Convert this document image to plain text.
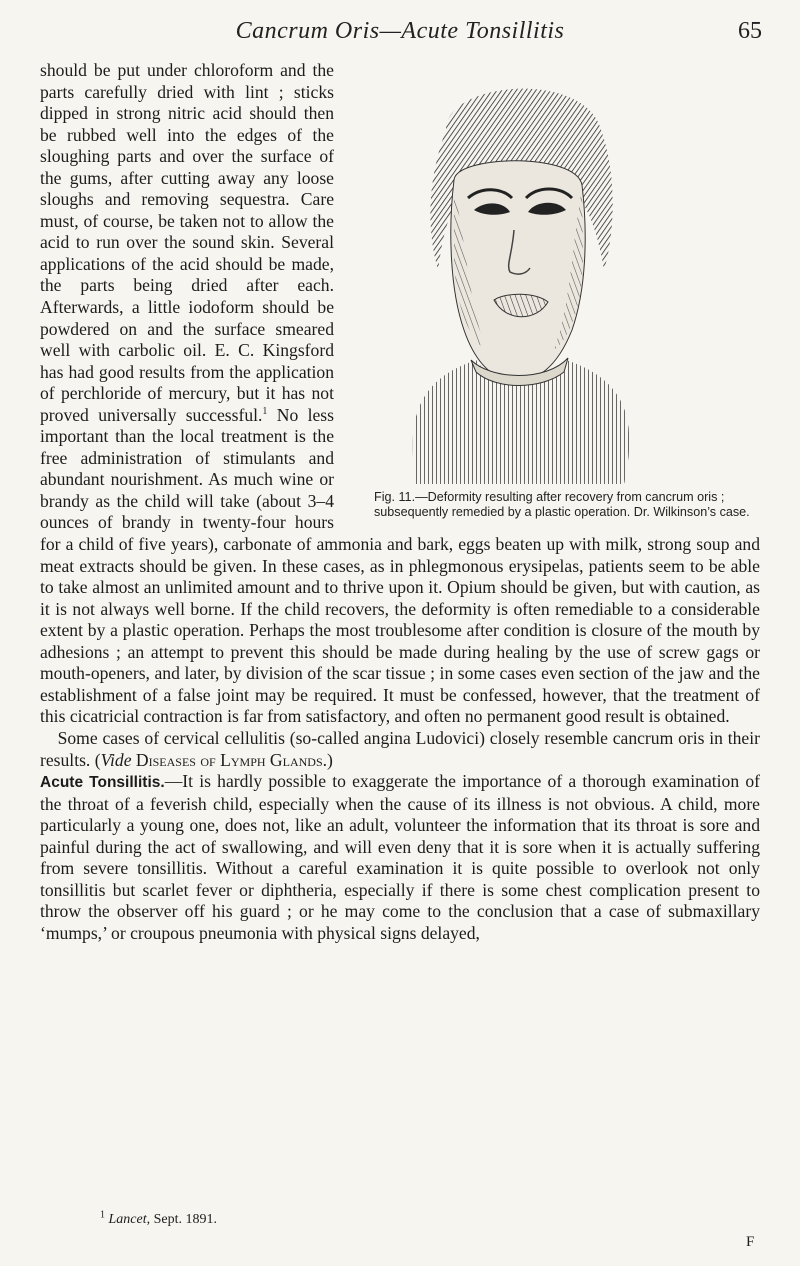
Cancrum Oris—Acute Tonsillitis	65
Fig. 11.—Deformity resulting after recovery from cancrum oris ; subsequently remedied by a plastic operation. Dr. Wilkinson’s case.

should be put under chloroform and the parts carefully dried with lint ; sticks dipped in strong nitric acid should then be rubbed well into the edges of the sloughing parts and over the surface of the gums, after cutting away any loose sloughs and removing sequestra. Care must, of course, be taken not to allow the acid to run over the sound skin. Several applications of the acid should be made, the parts being dried after each. Afterwards, a little iodoform should be powdered on and the surface smeared well with carbolic oil. E. C. Kingsford has had good results from the application of perchloride of mercury, but it has not proved universally successful.$^1$ No less important than the local treatment is the free administration of stimulants and abundant nourishment. As much wine or brandy as the child will take (about 3–4 ounces of brandy in twenty-four hours for a child of five years), carbonate of ammonia and bark, eggs beaten up with milk, strong soup and meat extracts should be given. In these cases, as in phlegmonous erysipelas, patients seem to be able to take almost an unlimited amount and to thrive upon it. Opium should be given, but with caution, as it is not always well borne. If the child recovers, the deformity is often remediable to a considerable extent by a plastic operation. Perhaps the most troublesome after condition is closure of the mouth by adhesions ; an attempt to prevent this should be made during healing by the use of screw gags or mouth-openers, and later, by division of the scar tissue ; in some cases even section of the jaw and the establishment of a false joint may be required. It must be confessed, however, that the treatment of this cicatricial contraction is far from satisfactory, and often no permanent good result is obtained.

 Some cases of cervical cellulitis (so-called angina Ludovici) closely resemble cancrum oris in their results. (Vide Diseases of Lymph Glands.)

Acute Tonsillitis.—It is hardly possible to exaggerate the importance of a thorough examination of the throat of a feverish child, especially when the cause of its illness is not obvious. A child, more particularly a young one, does not, like an adult, volunteer the information that its throat is sore and painful during the act of swallowing, and will even deny that it is sore when it is actually suffering from severe tonsillitis. Without a careful examination it is quite possible to overlook not only tonsillitis but scarlet fever or diphtheria, especially if there is some chest complication present to throw the observer off his guard ; or he may come to the conclusion that a case of submaxillary ‘mumps,’ or croupous pneumonia with physical signs delayed,

$^1$ Lancet, Sept. 1891.
F
